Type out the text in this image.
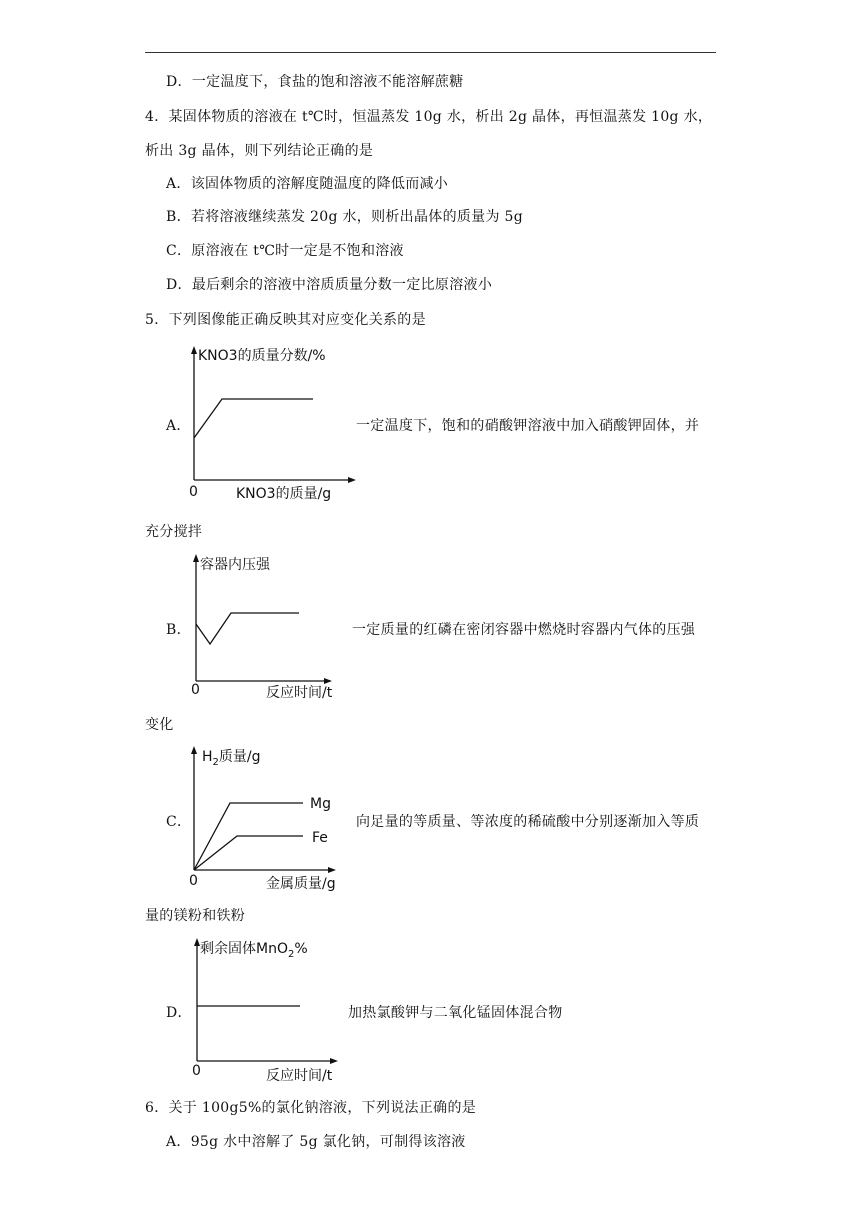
D．一定温度下，食盐的饱和溶液不能溶解蔗糖
4．某固体物质的溶液在 t℃时，恒温蒸发 10g 水，析出 2g 晶体，再恒温蒸发 10g 水，
析出 3g 晶体，则下列结论正确的是
A．该固体物质的溶解度随温度的降低而减小
B．若将溶液继续蒸发 20g 水，则析出晶体的质量为 5g
C．原溶液在 t℃时一定是不饱和溶液
D．最后剩余的溶液中溶质质量分数一定比原溶液小
5．下列图像能正确反映其对应变化关系的是
A．
KNO3的质量分数/%
0	KNO3的质量/g
一定温度下，饱和的硝酸钾溶液中加入硝酸钾固体，并
充分搅拌
B．
容器内压强
0	反应时间/t
一定质量的红磷在密闭容器中燃烧时容器内气体的压强
变化
C．
$H_2$质量/g
Mg
Fe
0	金属质量/g
向足量的等质量、等浓度的稀硫酸中分别逐渐加入等质
量的镁粉和铁粉
D．
剩余固体MnO$_2$%
0	反应时间/t
加热氯酸钾与二氧化锰固体混合物
6．关于 100g5%的氯化钠溶液，下列说法正确的是
A．95g 水中溶解了 5g 氯化钠，可制得该溶液
